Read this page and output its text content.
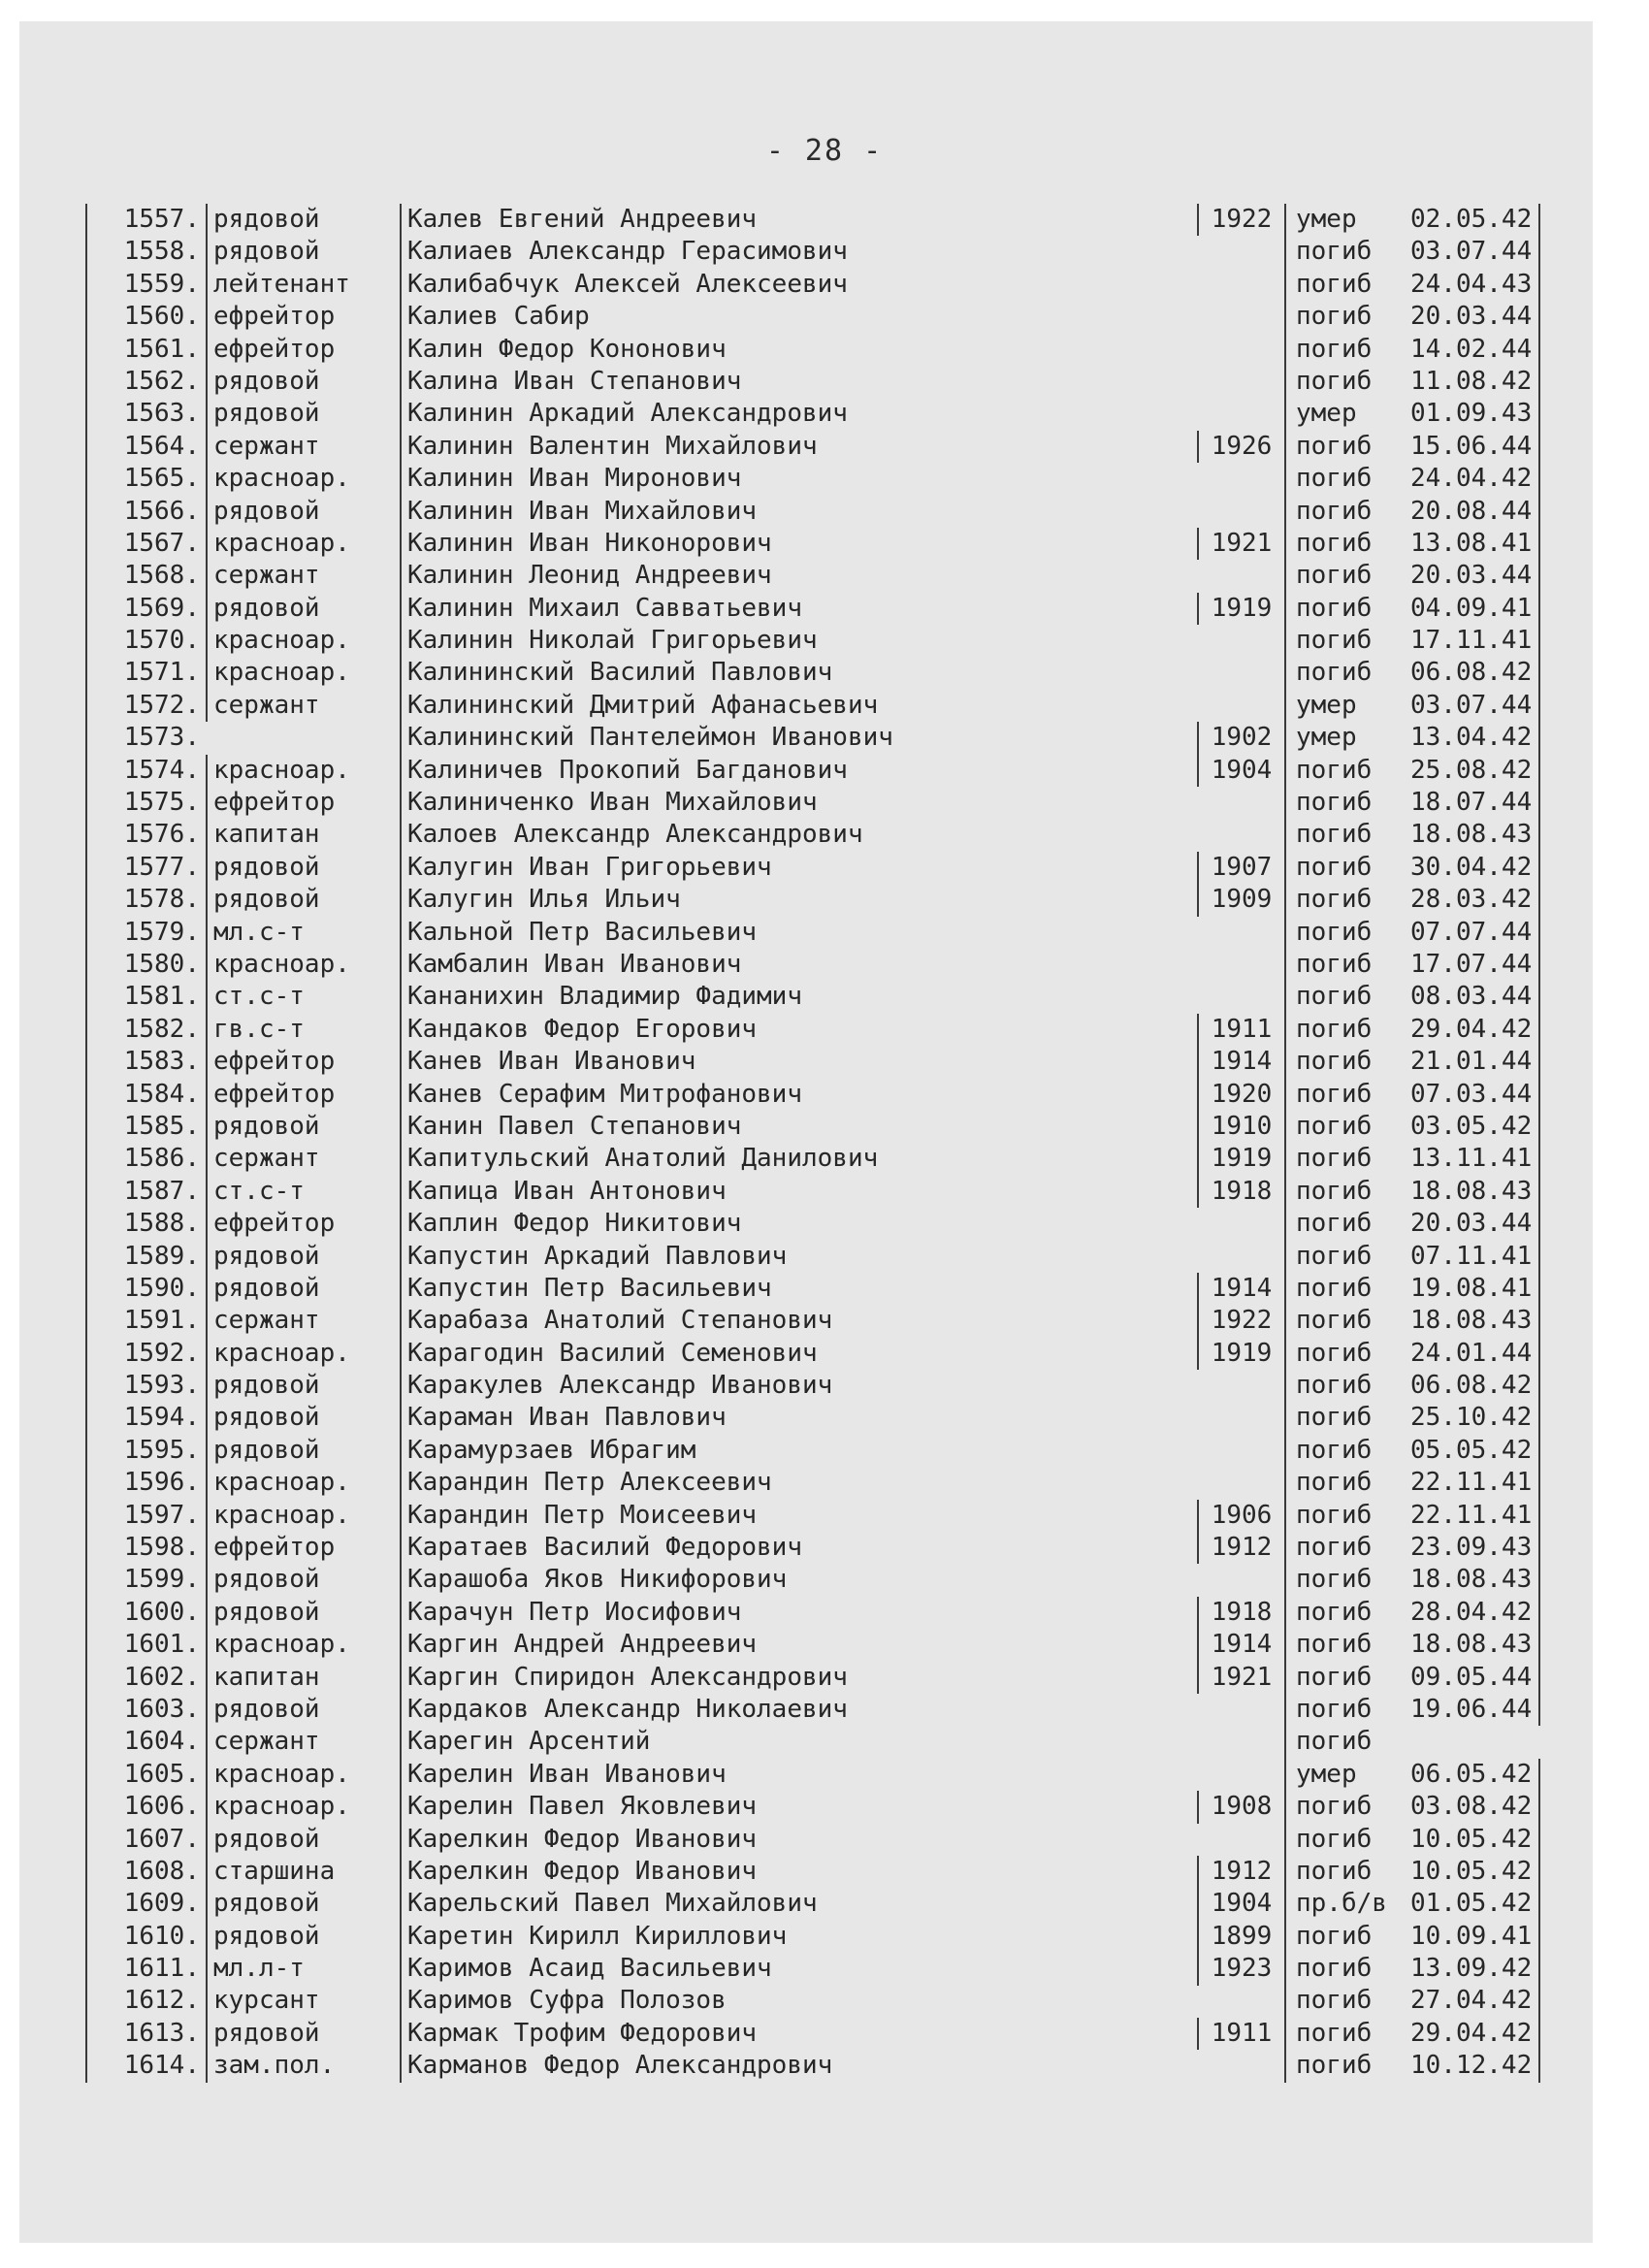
- 28 -
1557. рядовой	Калев Евгений Андреевич	1922 умер	02.05.42
1558. рядовой	Калиаев Александр Герасимович	погиб	03.07.44
1559. лейтенант	Калибабчук Алексей Алексеевич	погиб	24.04.43
1560. ефрейтор	Калиев Сабир	погиб	20.03.44
1561. ефрейтор	Калин Федор Кононович	погиб	14.02.44
1562. рядовой	Калина Иван Степанович	погиб	11.08.42
1563. рядовой	Калинин Аркадий Александрович	умер	01.09.43
1564. сержант	Калинин Валентин Михайлович	1926 погиб	15.06.44
1565. красноар.	Калинин Иван Миронович	погиб	24.04.42
1566. рядовой	Калинин Иван Михайлович	погиб	20.08.44
1567. красноар.	Калинин Иван Никонорович	1921 погиб	13.08.41
1568. сержант	Калинин Леонид Андреевич	погиб	20.03.44
1569. рядовой	Калинин Михаил Савватьевич	1919 погиб	04.09.41
1570. красноар.	Калинин Николай Григорьевич	погиб	17.11.41
1571. красноар.	Калининский Василий Павлович	погиб	06.08.42
1572. сержант	Калининский Дмитрий Афанасьевич	умер	03.07.44
1573.	Калининский Пантелеймон Иванович	1902 умер	13.04.42
1574. красноар.	Калиничев Прокопий Багданович	1904 погиб	25.08.42
1575. ефрейтор	Калиниченко Иван Михайлович	погиб	18.07.44
1576. капитан	Калоев Александр Александрович	погиб	18.08.43
1577. рядовой	Калугин Иван Григорьевич	1907 погиб	30.04.42
1578. рядовой	Калугин Илья Ильич	1909 погиб	28.03.42
1579. мл.с-т	Кальной Петр Васильевич	погиб	07.07.44
1580. красноар.	Камбалин Иван Иванович	погиб	17.07.44
1581. ст.с-т	Кананихин Владимир Фадимич	погиб	08.03.44
1582. гв.с-т	Кандаков Федор Егорович	1911 погиб	29.04.42
1583. ефрейтор	Канев Иван Иванович	1914 погиб	21.01.44
1584. ефрейтор	Канев Серафим Митрофанович	1920 погиб	07.03.44
1585. рядовой	Канин Павел Степанович	1910 погиб	03.05.42
1586. сержант	Капитульский Анатолий Данилович	1919 погиб	13.11.41
1587. ст.с-т	Капица Иван Антонович	1918 погиб	18.08.43
1588. ефрейтор	Каплин Федор Никитович	погиб	20.03.44
1589. рядовой	Капустин Аркадий Павлович	погиб	07.11.41
1590. рядовой	Капустин Петр Васильевич	1914 погиб	19.08.41
1591. сержант	Карабаза Анатолий Степанович	1922 погиб	18.08.43
1592. красноар.	Карагодин Василий Семенович	1919 погиб	24.01.44
1593. рядовой	Каракулев Александр Иванович	погиб	06.08.42
1594. рядовой	Караман Иван Павлович	погиб	25.10.42
1595. рядовой	Карамурзаев Ибрагим	погиб	05.05.42
1596. красноар.	Карандин Петр Алексеевич	погиб	22.11.41
1597. красноар.	Карандин Петр Моисеевич	1906 погиб	22.11.41
1598. ефрейтор	Каратаев Василий Федорович	1912 погиб	23.09.43
1599. рядовой	Карашоба Яков Никифорович	погиб	18.08.43
1600. рядовой	Карачун Петр Иосифович	1918 погиб	28.04.42
1601. красноар.	Каргин Андрей Андреевич	1914 погиб	18.08.43
1602. капитан	Каргин Спиридон Александрович	1921 погиб	09.05.44
1603. рядовой	Кардаков Александр Николаевич	погиб	19.06.44
1604. сержант	Карегин Арсентий	погиб
1605. красноар.	Карелин Иван Иванович	умер	06.05.42
1606. красноар.	Карелин Павел Яковлевич	1908 погиб	03.08.42
1607. рядовой	Карелкин Федор Иванович	погиб	10.05.42
1608. старшина	Карелкин Федор Иванович	1912 погиб	10.05.42
1609. рядовой	Карельский Павел Михайлович	1904 пр.б/в 01.05.42
1610. рядовой	Каретин Кирилл Кириллович	1899 погиб	10.09.41
1611. мл.л-т	Каримов Асаид Васильевич	1923 погиб	13.09.42
1612. курсант	Каримов Суфра Полозов	погиб	27.04.42
1613. рядовой	Кармак Трофим Федорович	1911 погиб	29.04.42
1614. зам.пол.	Карманов Федор Александрович	погиб	10.12.42
